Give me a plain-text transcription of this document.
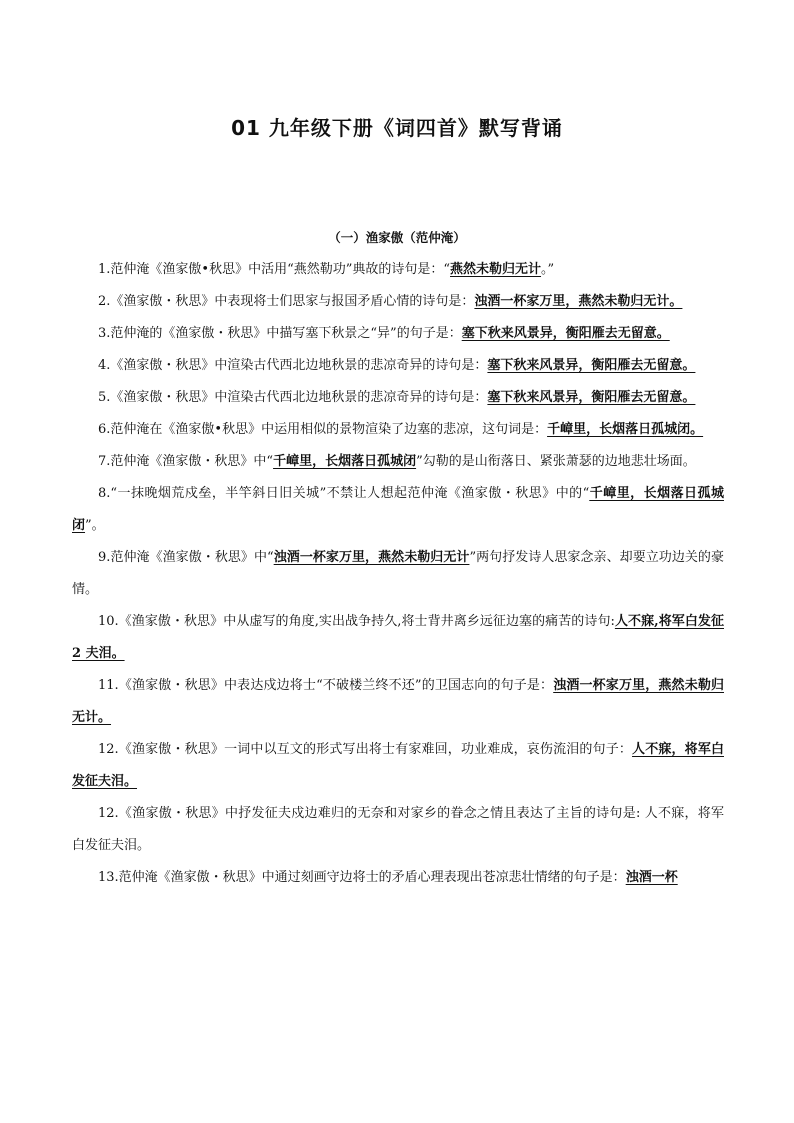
01 九年级下册《词四首》默写背诵
（一）渔家傲（范仲淹）

1.范仲淹《渔家傲•秋思》中活用“燕然勒功”典故的诗句是：“燕然未勒归无计。”

2.《渔家傲・秋思》中表现将士们思家与报国矛盾心情的诗句是：浊酒一杯家万里，燕然未勒归无计。

3.范仲淹的《渔家傲・秋思》中描写塞下秋景之“异”的句子是：塞下秋来风景异，衡阳雁去无留意。

4.《渔家傲・秋思》中渲染古代西北边地秋景的悲凉奇异的诗句是：塞下秋来风景异，衡阳雁去无留意。

5.《渔家傲・秋思》中渲染古代西北边地秋景的悲凉奇异的诗句是：塞下秋来风景异，衡阳雁去无留意。

6.范仲淹在《渔家傲•秋思》中运用相似的景物渲染了边塞的悲凉，这句词是：千嶂里，长烟落日孤城闭。

7.范仲淹《渔家傲・秋思》中“千嶂里，长烟落日孤城闭”勾勒的是山衔落日、紧张萧瑟的边地悲壮场面。

8.“一抹晚烟荒戍垒，半竿斜日旧关城”不禁让人想起范仲淹《渔家傲・秋思》中的“千嶂里，长烟落日孤城闭”。

9.范仲淹《渔家傲・秋思》中“浊酒一杯家万里，燕然未勒归无计”两句抒发诗人思家念亲、却要立功边关的豪情。

10.《渔家傲・秋思》中从虚写的角度,实出战争持久,将士背井离乡远征边塞的痛苦的诗句:人不寐,将军白发征 2 夫泪。

11.《渔家傲・秋思》中表达戍边将士“不破楼兰终不还”的卫国志向的句子是：浊酒一杯家万里，燕然未勒归无计。

12.《渔家傲・秋思》一词中以互文的形式写出将士有家难回，功业难成，哀伤流泪的句子：人不寐，将军白发征夫泪。

12.《渔家傲・秋思》中抒发征夫戍边难归的无奈和对家乡的眷念之情且表达了主旨的诗句是: 人不寐，将军白发征夫泪。

13.范仲淹《渔家傲・秋思》中通过刻画守边将士的矛盾心理表现出苍凉悲壮情绪的句子是：浊酒一杯
